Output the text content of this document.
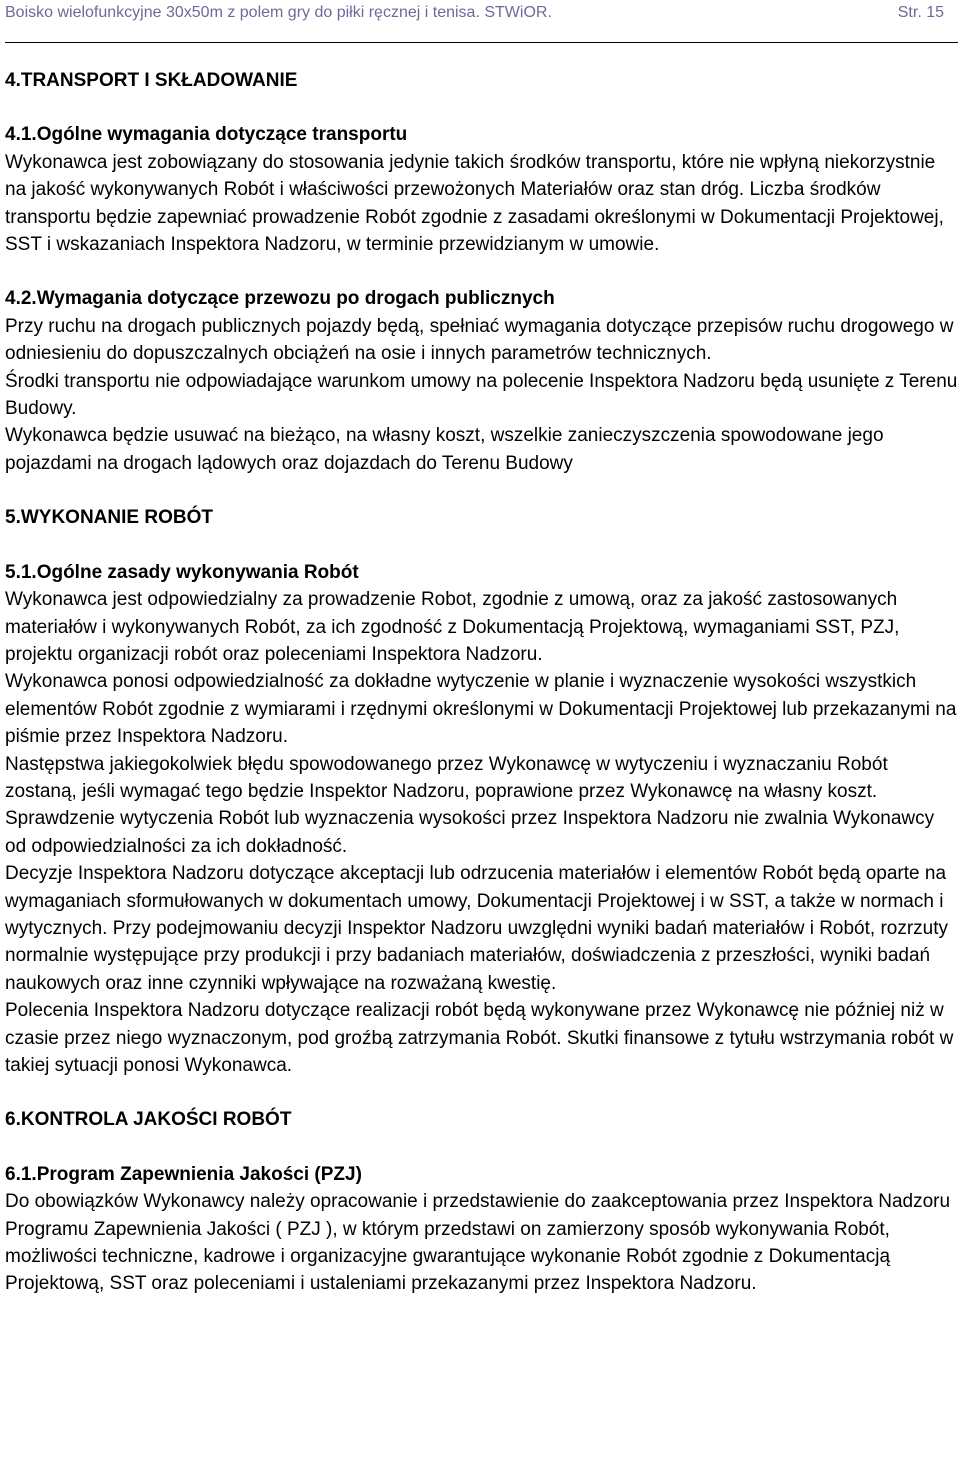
Boisko wielofunkcyjne 30x50m z polem gry do piłki ręcznej i tenisa. STWiOR.	Str. 15

4.TRANSPORT I SKŁADOWANIE

4.1.Ogólne wymagania dotyczące transportu

Wykonawca jest zobowiązany do stosowania jedynie takich środków transportu, które nie wpłyną niekorzystnie na jakość wykonywanych Robót i właściwości przewożonych Materiałów oraz stan dróg. Liczba środków transportu będzie zapewniać prowadzenie Robót zgodnie z zasadami określonymi w Dokumentacji Projektowej, SST i wskazaniach Inspektora Nadzoru, w terminie przewidzianym w umowie.

4.2.Wymagania dotyczące przewozu po drogach publicznych

Przy ruchu na drogach publicznych pojazdy będą, spełniać wymagania dotyczące przepisów ruchu drogowego w odniesieniu do dopuszczalnych obciążeń na osie i innych parametrów technicznych.

Środki transportu nie odpowiadające warunkom umowy na polecenie Inspektora Nadzoru będą usunięte z Terenu Budowy.

Wykonawca będzie usuwać na bieżąco, na własny koszt, wszelkie zanieczyszczenia spowodowane jego pojazdami na drogach lądowych oraz dojazdach do Terenu Budowy

5.WYKONANIE ROBÓT

5.1.Ogólne zasady wykonywania Robót

Wykonawca jest odpowiedzialny za prowadzenie Robot, zgodnie z umową, oraz za jakość zastosowanych materiałów i wykonywanych Robót, za ich zgodność z Dokumentacją Projektową, wymaganiami SST, PZJ, projektu organizacji robót oraz poleceniami Inspektora Nadzoru.

Wykonawca ponosi odpowiedzialność za dokładne wytyczenie w planie i wyznaczenie wysokości wszystkich elementów Robót zgodnie z wymiarami i rzędnymi określonymi w Dokumentacji Projektowej lub przekazanymi na piśmie przez Inspektora Nadzoru.

Następstwa jakiegokolwiek błędu spowodowanego przez Wykonawcę w wytyczeniu i wyznaczaniu Robót zostaną, jeśli wymagać tego będzie Inspektor Nadzoru, poprawione przez Wykonawcę na własny koszt.

Sprawdzenie wytyczenia Robót lub wyznaczenia wysokości przez Inspektora Nadzoru nie zwalnia Wykonawcy od odpowiedzialności za ich dokładność.

Decyzje Inspektora Nadzoru dotyczące akceptacji lub odrzucenia materiałów i elementów Robót będą oparte na wymaganiach sformułowanych w dokumentach umowy, Dokumentacji Projektowej i w SST, a także w normach i wytycznych. Przy podejmowaniu decyzji Inspektor Nadzoru uwzględni wyniki badań materiałów i Robót, rozrzuty normalnie występujące przy produkcji i przy badaniach materiałów, doświadczenia z przeszłości, wyniki badań naukowych oraz inne czynniki wpływające na rozważaną kwestię.

Polecenia Inspektora Nadzoru dotyczące realizacji robót będą wykonywane przez Wykonawcę nie później niż w czasie przez niego wyznaczonym, pod groźbą zatrzymania Robót. Skutki finansowe z tytułu wstrzymania robót w takiej sytuacji ponosi Wykonawca.

6.KONTROLA JAKOŚCI ROBÓT

6.1.Program Zapewnienia Jakości (PZJ)

Do obowiązków Wykonawcy należy opracowanie i przedstawienie do zaakceptowania przez Inspektora Nadzoru Programu Zapewnienia Jakości ( PZJ ), w którym przedstawi on zamierzony sposób wykonywania Robót, możliwości techniczne, kadrowe i organizacyjne gwarantujące wykonanie Robót zgodnie z Dokumentacją Projektową, SST oraz poleceniami i ustaleniami przekazanymi przez Inspektora Nadzoru.
